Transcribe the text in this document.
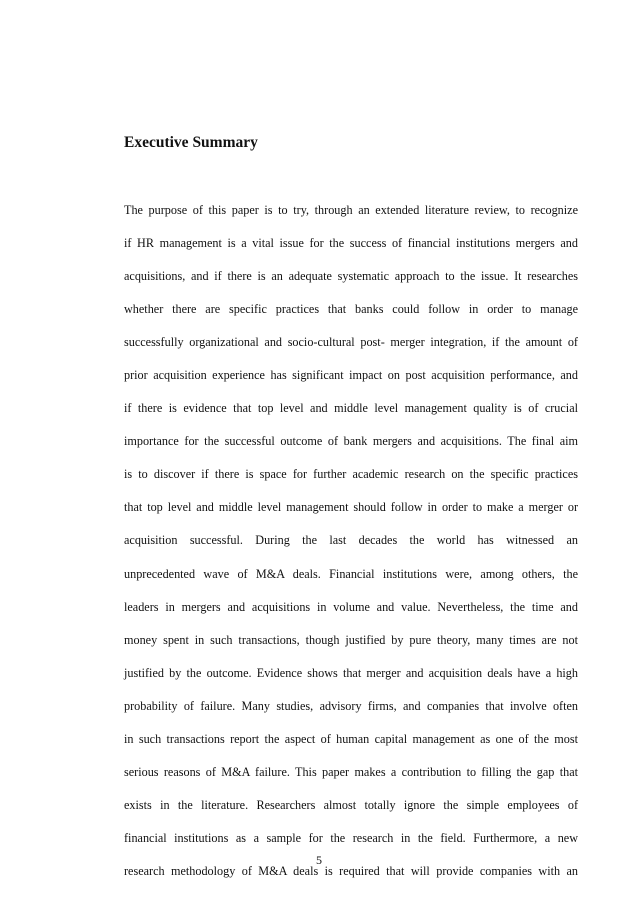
Executive Summary
The purpose of this paper is to try, through an extended literature review, to recognize
if HR management is a vital issue for the success of financial institutions mergers and
acquisitions, and if there is an adequate systematic approach to the issue. It researches
whether there are specific practices that banks could follow in order to manage
successfully organizational and socio-cultural post- merger integration, if the amount of
prior acquisition experience has significant impact on post acquisition performance, and
if there is evidence that top level and middle level management quality is of crucial
importance for the successful outcome of bank mergers and acquisitions. The final aim
is to discover if there is space for further academic research on the specific practices
that top level and middle level management should follow in order to make a merger or
acquisition successful. During the last decades the world has witnessed an
unprecedented wave of M&A deals. Financial institutions were, among others, the
leaders in mergers and acquisitions in volume and value. Nevertheless, the time and
money spent in such transactions, though justified by pure theory, many times are not
justified by the outcome. Evidence shows that merger and acquisition deals have a high
probability of failure. Many studies, advisory firms, and companies that involve often
in such transactions report the aspect of human capital management as one of the most
serious reasons of M&A failure. This paper makes a contribution to filling the gap that
exists in the literature. Researchers almost totally ignore the simple employees of
financial institutions as a sample for the research in the field. Furthermore, a new
research methodology of M&A deals is required that will provide companies with an
5
